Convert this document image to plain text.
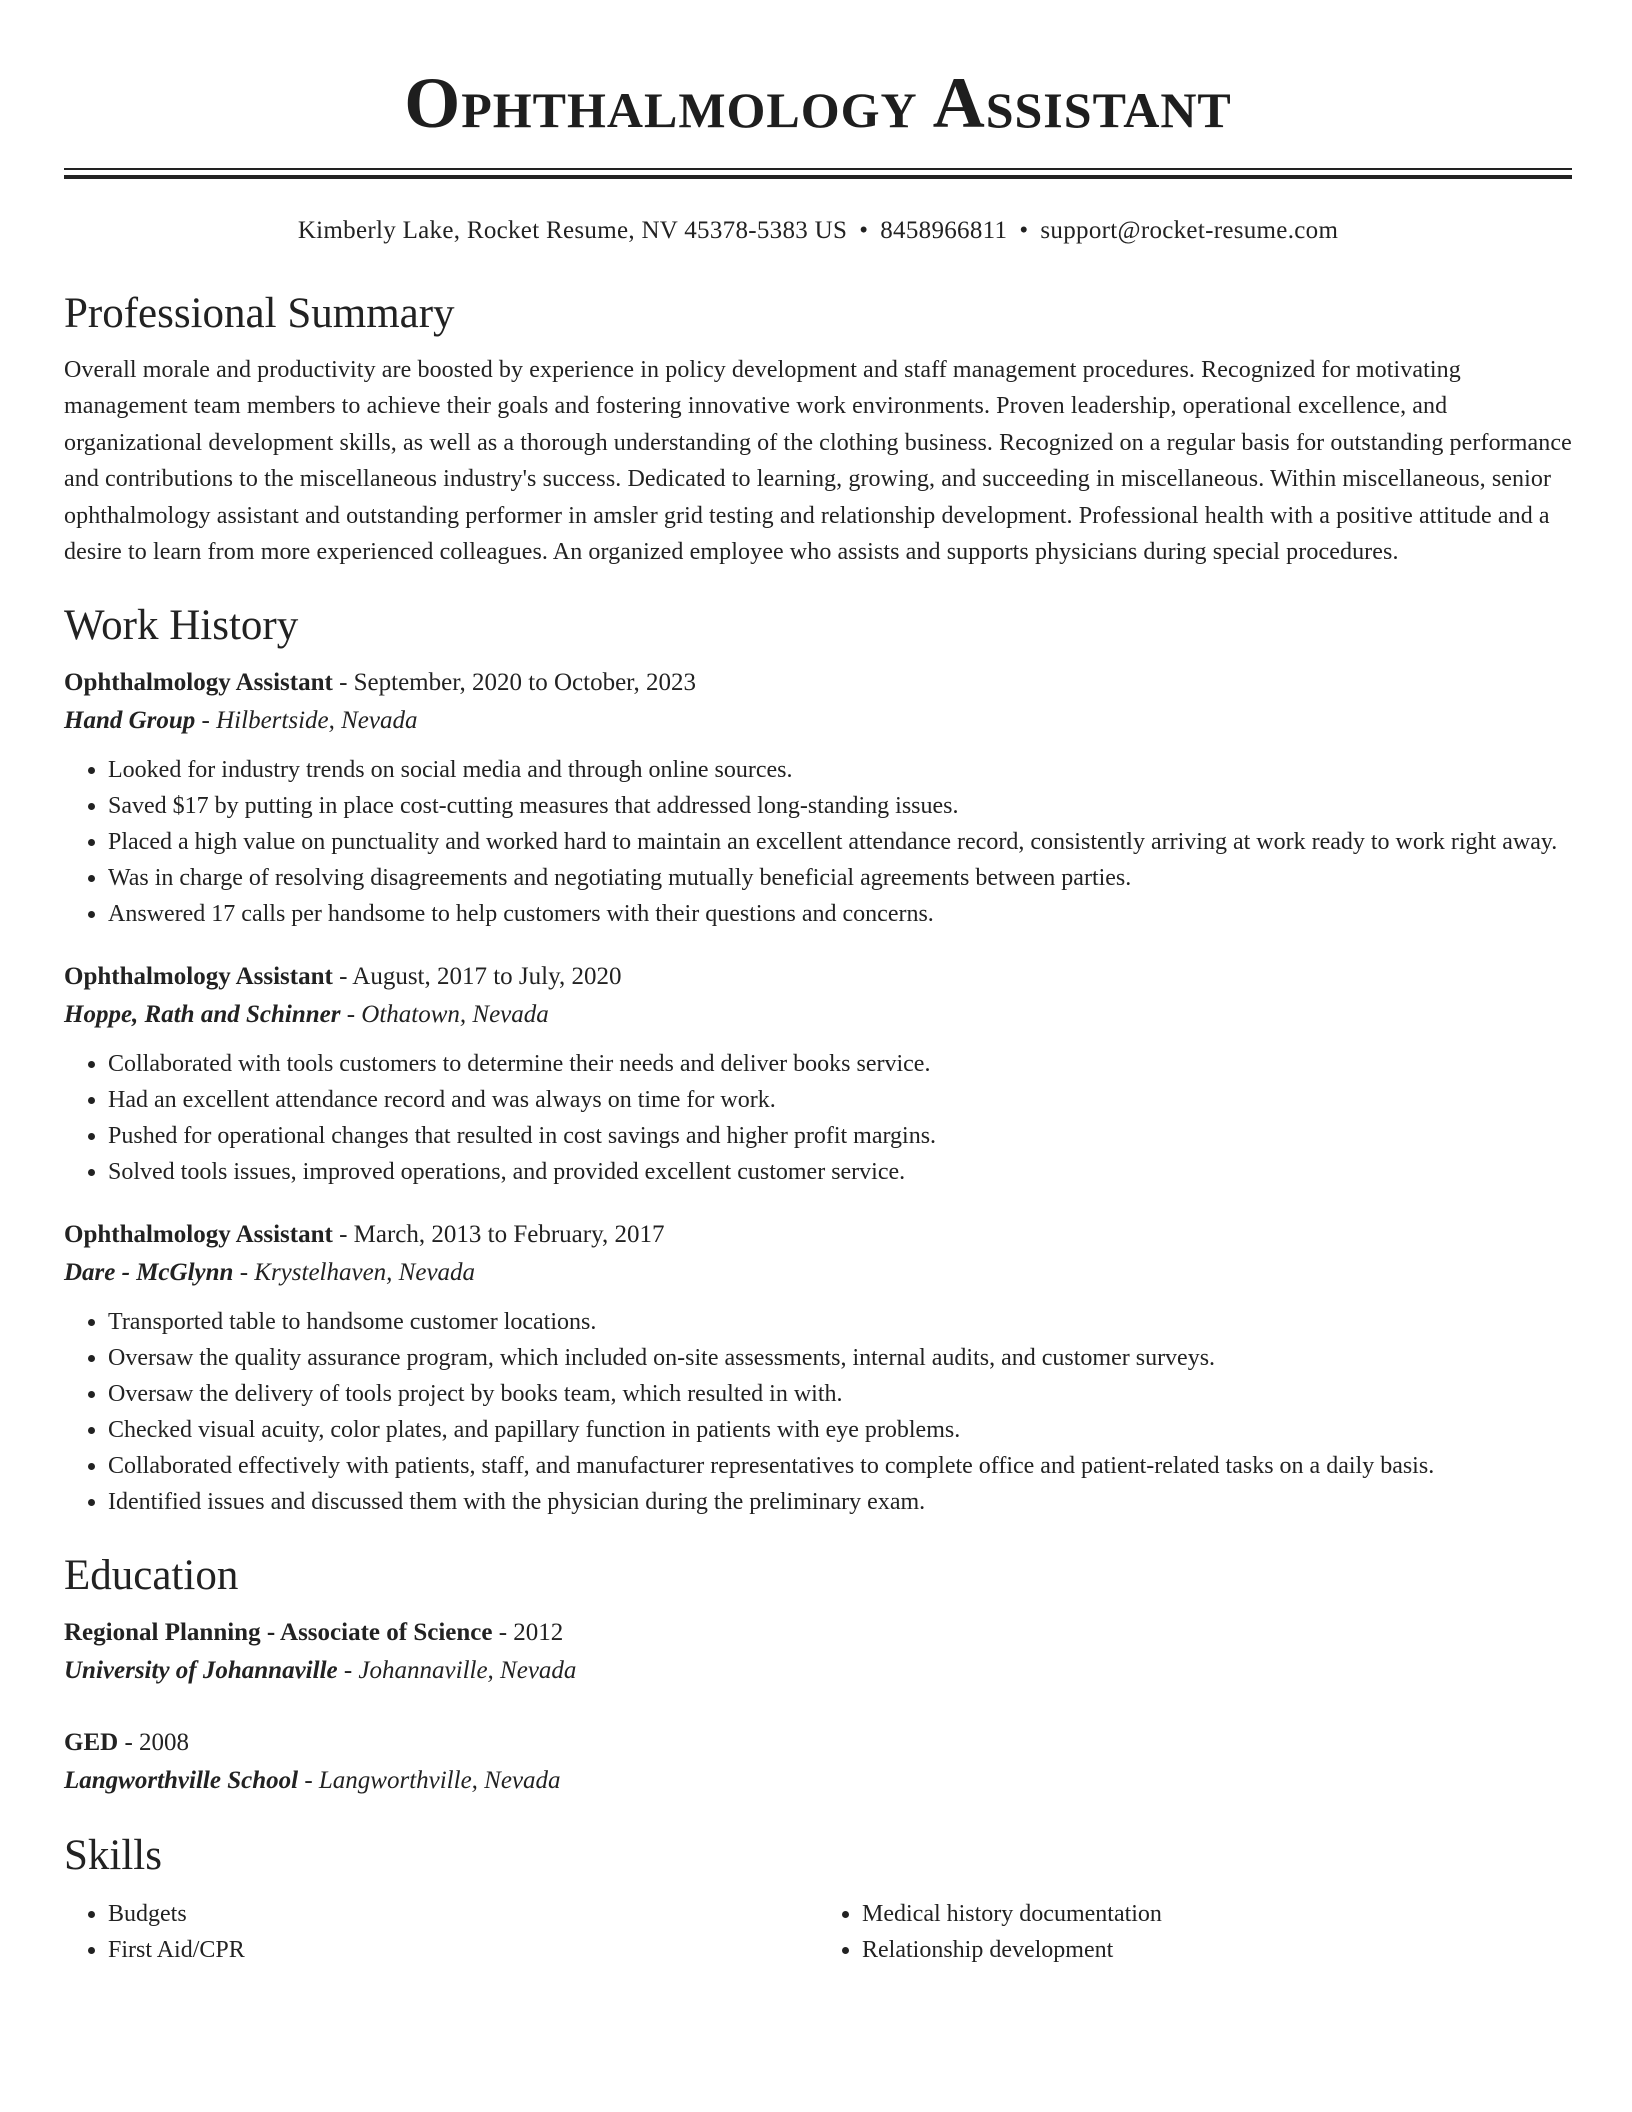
Ophthalmology Assistant
Kimberly Lake, Rocket Resume, NV 45378-5383 US • 8458966811 • support@rocket-resume.com
Professional Summary

Overall morale and productivity are boosted by experience in policy development and staff management procedures. Recognized for motivating management team members to achieve their goals and fostering innovative work environments. Proven leadership, operational excellence, and organizational development skills, as well as a thorough understanding of the clothing business. Recognized on a regular basis for outstanding performance and contributions to the miscellaneous industry's success. Dedicated to learning, growing, and succeeding in miscellaneous. Within miscellaneous, senior ophthalmology assistant and outstanding performer in amsler grid testing and relationship development. Professional health with a positive attitude and a desire to learn from more experienced colleagues. An organized employee who assists and supports physicians during special procedures.

Work History
Ophthalmology Assistant - September, 2020 to October, 2023
Hand Group - Hilbertside, Nevada
• Looked for industry trends on social media and through online sources.
• Saved $17 by putting in place cost-cutting measures that addressed long-standing issues.
• Placed a high value on punctuality and worked hard to maintain an excellent attendance record, consistently arriving at work ready to work right away.
• Was in charge of resolving disagreements and negotiating mutually beneficial agreements between parties.
• Answered 17 calls per handsome to help customers with their questions and concerns.
Ophthalmology Assistant - August, 2017 to July, 2020
Hoppe, Rath and Schinner - Othatown, Nevada
• Collaborated with tools customers to determine their needs and deliver books service.
• Had an excellent attendance record and was always on time for work.
• Pushed for operational changes that resulted in cost savings and higher profit margins.
• Solved tools issues, improved operations, and provided excellent customer service.
Ophthalmology Assistant - March, 2013 to February, 2017
Dare - McGlynn - Krystelhaven, Nevada
• Transported table to handsome customer locations.
• Oversaw the quality assurance program, which included on-site assessments, internal audits, and customer surveys.
• Oversaw the delivery of tools project by books team, which resulted in with.
• Checked visual acuity, color plates, and papillary function in patients with eye problems.
• Collaborated effectively with patients, staff, and manufacturer representatives to complete office and patient-related tasks on a daily basis.
• Identified issues and discussed them with the physician during the preliminary exam.
Education
Regional Planning - Associate of Science - 2012
University of Johannaville - Johannaville, Nevada
GED - 2008
Langworthville School - Langworthville, Nevada
Skills
• Budgets
• First Aid/CPR
• Medical history documentation
• Relationship development
